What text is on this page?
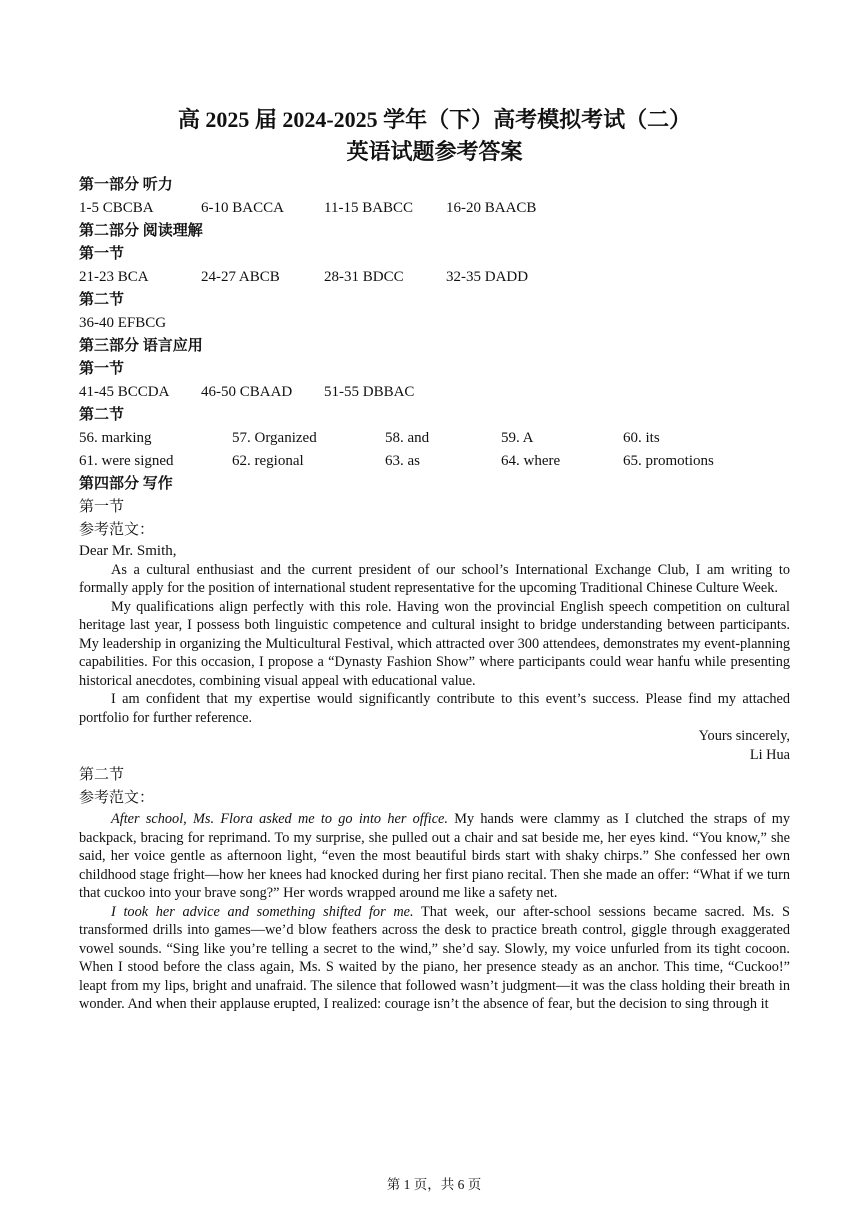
高 2025 届 2024-2025 学年（下）高考模拟考试（二）
英语试题参考答案

第一部分 听力

1-5 CBCBA	6-10 BACCA	11-15 BABCC	16-20 BAACB

第二部分 阅读理解

第一节

21-23 BCA	24-27 ABCB	28-31 BDCC	32-35 DADD

第二节

36-40 EFBCG

第三部分 语言应用

第一节

41-45 BCCDA	46-50 CBAAD	51-55 DBBAC

第二节

56. marking	57. Organized	58. and	59. A	60. its
61. were signed	62. regional	63. as	64. where	65. promotions

第四部分 写作

第一节

参考范文：

Dear Mr. Smith,

As a cultural enthusiast and the current president of our school’s International Exchange Club, I am writing to formally apply for the position of international student representative for the upcoming Traditional Chinese Culture Week.

My qualifications align perfectly with this role. Having won the provincial English speech competition on cultural heritage last year, I possess both linguistic competence and cultural insight to bridge understanding between participants. My leadership in organizing the Multicultural Festival, which attracted over 300 attendees, demonstrates my event-planning capabilities. For this occasion, I propose a “Dynasty Fashion Show” where participants could wear hanfu while presenting historical anecdotes, combining visual appeal with educational value.

I am confident that my expertise would significantly contribute to this event’s success. Please find my attached portfolio for further reference.

Yours sincerely,

Li Hua

第二节

参考范文：

After school, Ms. Flora asked me to go into her office. My hands were clammy as I clutched the straps of my backpack, bracing for reprimand. To my surprise, she pulled out a chair and sat beside me, her eyes kind. “You know,” she said, her voice gentle as afternoon light, “even the most beautiful birds start with shaky chirps.” She confessed her own childhood stage fright—how her knees had knocked during her first piano recital. Then she made an offer: “What if we turn that cuckoo into your brave song?” Her words wrapped around me like a safety net.

I took her advice and something shifted for me. That week, our after-school sessions became sacred. Ms. S transformed drills into games—we’d blow feathers across the desk to practice breath control, giggle through exaggerated vowel sounds. “Sing like you’re telling a secret to the wind,” she’d say. Slowly, my voice unfurled from its tight cocoon. When I stood before the class again, Ms. S waited by the piano, her presence steady as an anchor. This time, “Cuckoo!” leapt from my lips, bright and unafraid. The silence that followed wasn’t judgment—it was the class holding their breath in wonder. And when their applause erupted, I realized: courage isn’t the absence of fear, but the decision to sing through it

第 1 页，共 6 页
